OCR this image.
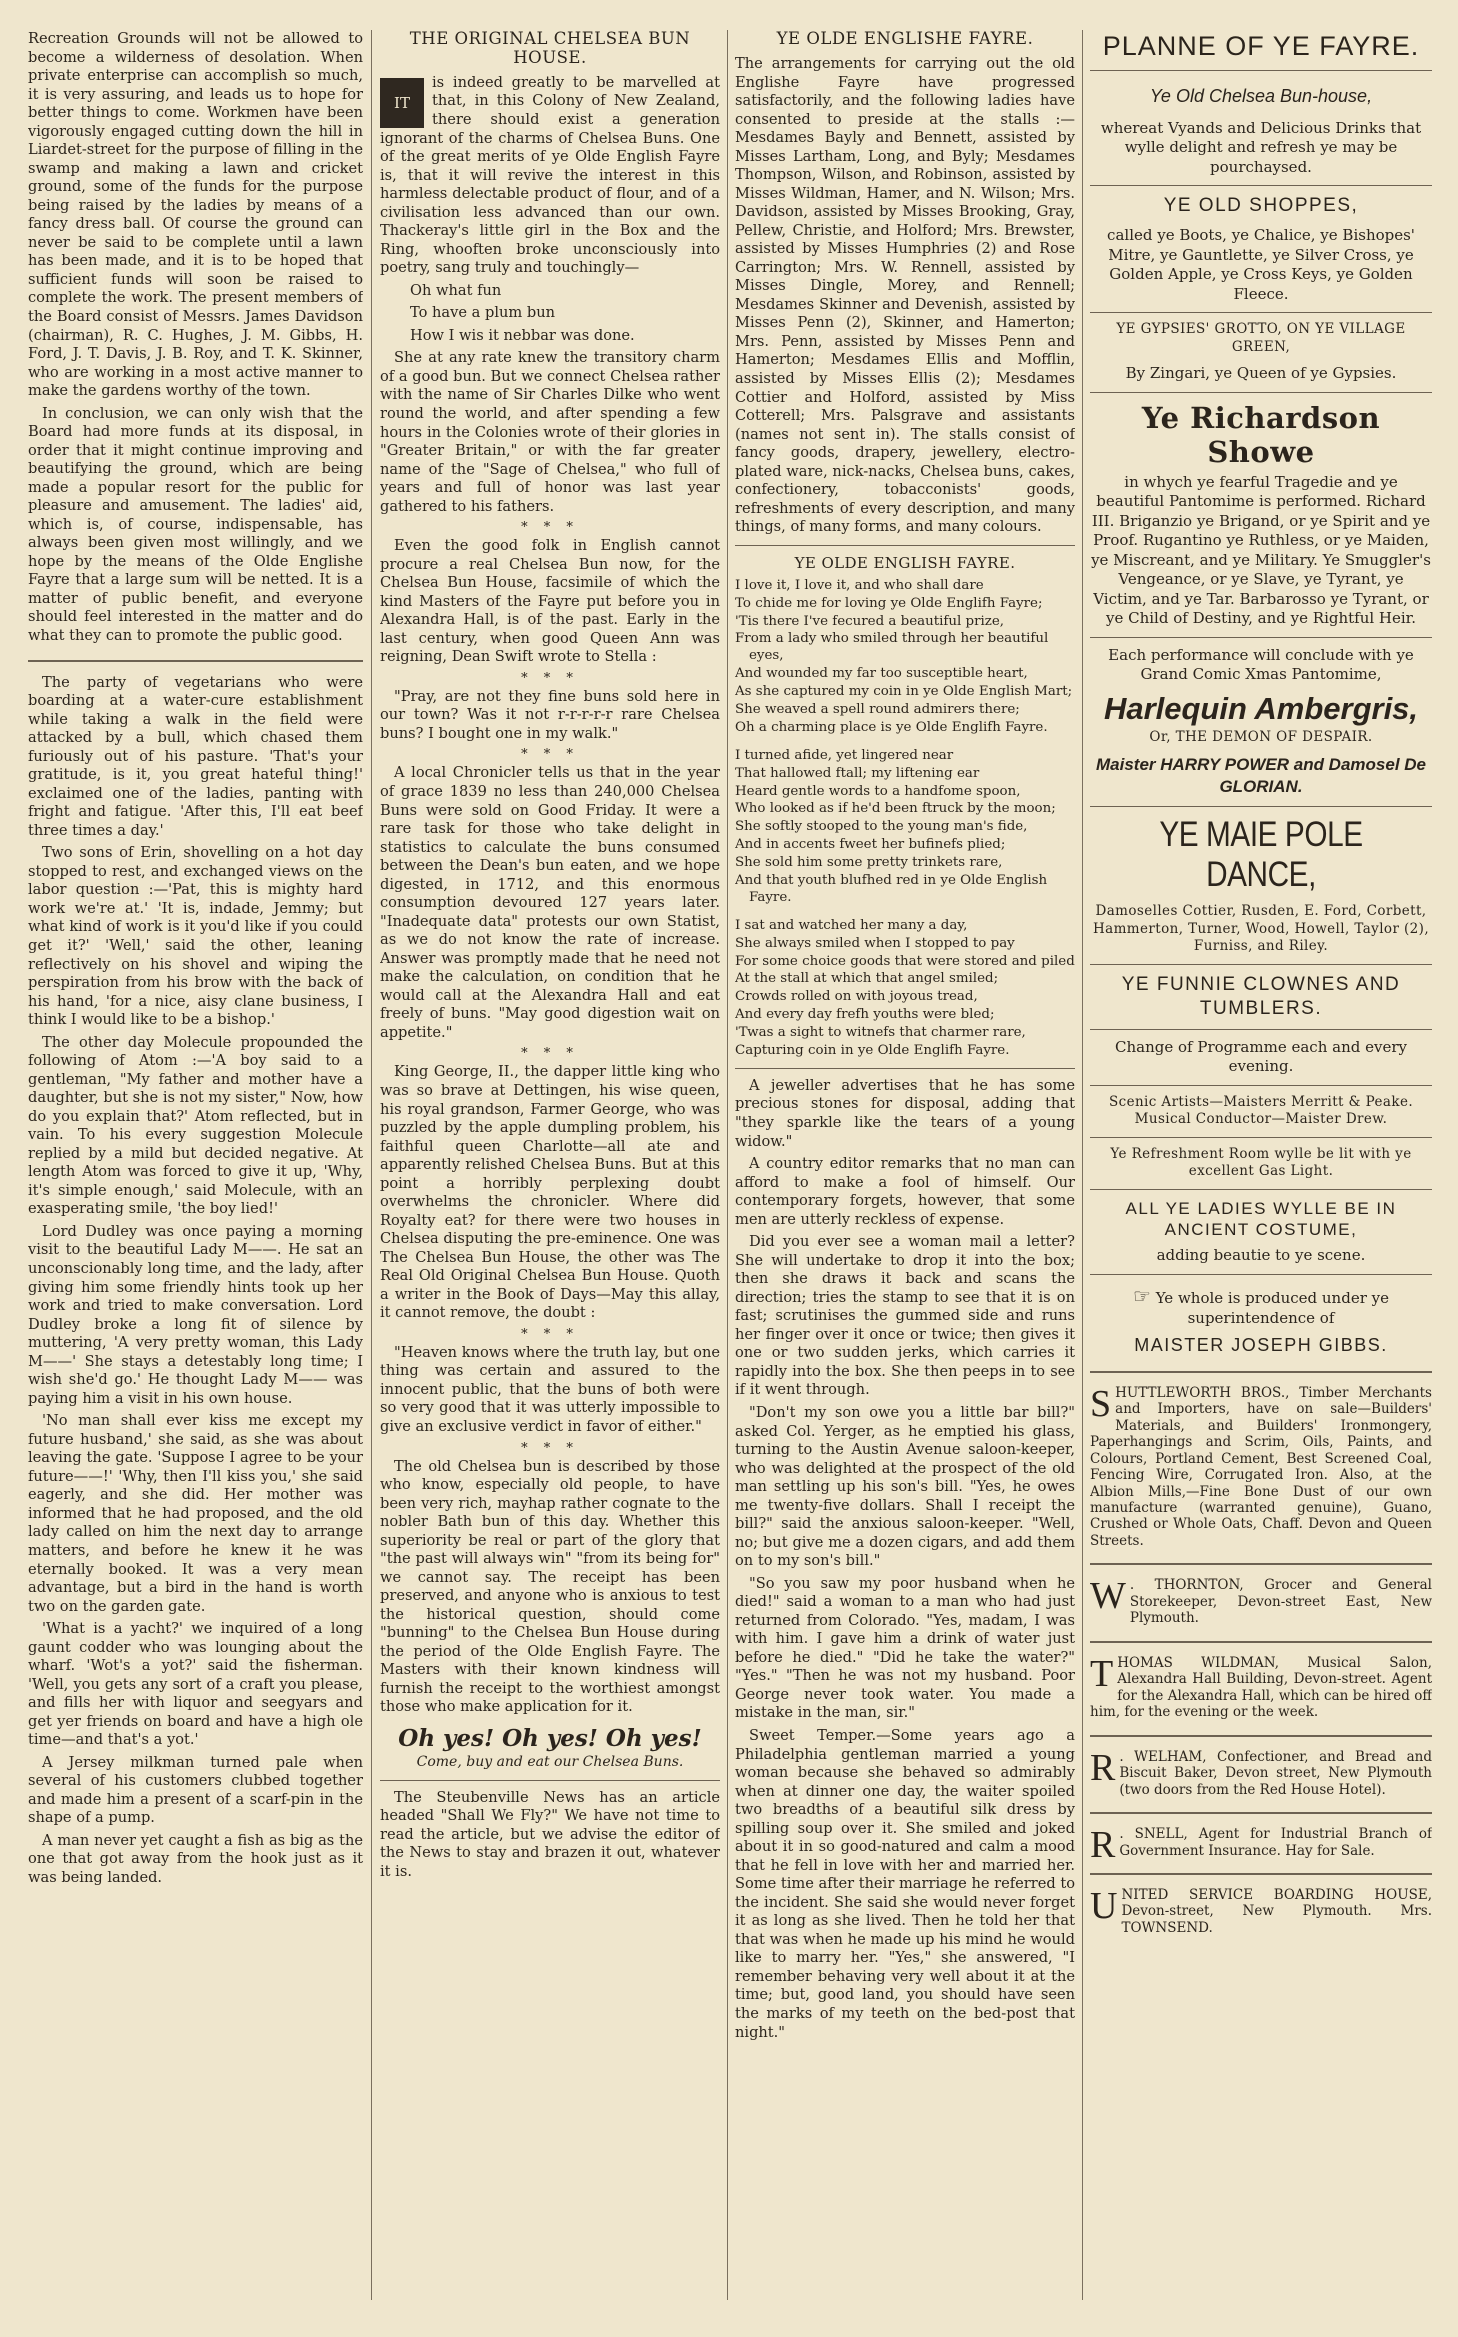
Recreation Grounds will not be allowed to become a wilderness of desolation. When private enterprise can accomplish so much, it is very assuring, and leads us to hope for better things to come. Workmen have been vigorously engaged cutting down the hill in Liardet-street for the purpose of filling in the swamp and making a lawn and cricket ground, some of the funds for the purpose being raised by the ladies by means of a fancy dress ball. Of course the ground can never be said to be complete until a lawn has been made, and it is to be hoped that sufficient funds will soon be raised to complete the work. The present members of the Board consist of Messrs. James Davidson (chairman), R. C. Hughes, J. M. Gibbs, H. Ford, J. T. Davis, J. B. Roy, and T. K. Skinner, who are working in a most active manner to make the gardens worthy of the town.

In conclusion, we can only wish that the Board had more funds at its disposal, in order that it might continue improving and beautifying the ground, which are being made a popular resort for the public for pleasure and amusement. The ladies' aid, which is, of course, indispensable, has always been given most willingly, and we hope by the means of the Olde Englishe Fayre that a large sum will be netted. It is a matter of public benefit, and everyone should feel interested in the matter and do what they can to promote the public good.

The party of vegetarians who were boarding at a water-cure establishment while taking a walk in the field were attacked by a bull, which chased them furiously out of his pasture. 'That's your gratitude, is it, you great hateful thing!' exclaimed one of the ladies, panting with fright and fatigue. 'After this, I'll eat beef three times a day.'

Two sons of Erin, shovelling on a hot day stopped to rest, and exchanged views on the labor question :—'Pat, this is mighty hard work we're at.' 'It is, indade, Jemmy; but what kind of work is it you'd like if you could get it?' 'Well,' said the other, leaning reflectively on his shovel and wiping the perspiration from his brow with the back of his hand, 'for a nice, aisy clane business, I think I would like to be a bishop.'

The other day Molecule propounded the following of Atom :—'A boy said to a gentleman, "My father and mother have a daughter, but she is not my sister," Now, how do you explain that?' Atom reflected, but in vain. To his every suggestion Molecule replied by a mild but decided negative. At length Atom was forced to give it up, 'Why, it's simple enough,' said Molecule, with an exasperating smile, 'the boy lied!'

Lord Dudley was once paying a morning visit to the beautiful Lady M——. He sat an unconscionably long time, and the lady, after giving him some friendly hints took up her work and tried to make conversation. Lord Dudley broke a long fit of silence by muttering, 'A very pretty woman, this Lady M——' She stays a detestably long time; I wish she'd go.' He thought Lady M—— was paying him a visit in his own house.

'No man shall ever kiss me except my future husband,' she said, as she was about leaving the gate. 'Suppose I agree to be your future——!' 'Why, then I'll kiss you,' she said eagerly, and she did. Her mother was informed that he had proposed, and the old lady called on him the next day to arrange matters, and before he knew it he was eternally booked. It was a very mean advantage, but a bird in the hand is worth two on the garden gate.

'What is a yacht?' we inquired of a long gaunt codder who was lounging about the wharf. 'Wot's a yot?' said the fisherman. 'Well, you gets any sort of a craft you please, and fills her with liquor and seegyars and get yer friends on board and have a high ole time—and that's a yot.'

A Jersey milkman turned pale when several of his customers clubbed together and made him a present of a scarf-pin in the shape of a pump.

A man never yet caught a fish as big as the one that got away from the hook just as it was being landed.

THE ORIGINAL CHELSEA BUN HOUSE.
IT

is indeed greatly to be marvelled at that, in this Colony of New Zealand, there should exist a generation ignorant of the charms of Chelsea Buns. One of the great merits of ye Olde English Fayre is, that it will revive the interest in this harmless delectable product of flour, and of a civilisation less advanced than our own. Thackeray's little girl in the Box and the Ring, whooften broke unconsciously into poetry, sang truly and touchingly—

Oh what fun

To have a plum bun

How I wis it nebbar was done.

She at any rate knew the transitory charm of a good bun. But we connect Chelsea rather with the name of Sir Charles Dilke who went round the world, and after spending a few hours in the Colonies wrote of their glories in "Greater Britain," or with the far greater name of the "Sage of Chelsea," who full of years and full of honor was last year gathered to his fathers.

* * *

Even the good folk in English cannot procure a real Chelsea Bun now, for the Chelsea Bun House, facsimile of which the kind Masters of the Fayre put before you in Alexandra Hall, is of the past. Early in the last century, when good Queen Ann was reigning, Dean Swift wrote to Stella :

* * *

"Pray, are not they fine buns sold here in our town? Was it not r-r-r-r-r rare Chelsea buns? I bought one in my walk."

* * *

A local Chronicler tells us that in the year of grace 1839 no less than 240,000 Chelsea Buns were sold on Good Friday. It were a rare task for those who take delight in statistics to calculate the buns consumed between the Dean's bun eaten, and we hope digested, in 1712, and this enormous consumption devoured 127 years later. "Inadequate data" protests our own Statist, as we do not know the rate of increase. Answer was promptly made that he need not make the calculation, on condition that he would call at the Alexandra Hall and eat freely of buns. "May good digestion wait on appetite."

* * *

King George, II., the dapper little king who was so brave at Dettingen, his wise queen, his royal grandson, Farmer George, who was puzzled by the apple dumpling problem, his faithful queen Charlotte—all ate and apparently relished Chelsea Buns. But at this point a horribly perplexing doubt overwhelms the chronicler. Where did Royalty eat? for there were two houses in Chelsea disputing the pre-eminence. One was The Chelsea Bun House, the other was The Real Old Original Chelsea Bun House. Quoth a writer in the Book of Days—May this allay, it cannot remove, the doubt :

* * *

"Heaven knows where the truth lay, but one thing was certain and assured to the innocent public, that the buns of both were so very good that it was utterly impossible to give an exclusive verdict in favor of either."

* * *

The old Chelsea bun is described by those who know, especially old people, to have been very rich, mayhap rather cognate to the nobler Bath bun of this day. Whether this superiority be real or part of the glory that "the past will always win" "from its being for" we cannot say. The receipt has been preserved, and anyone who is anxious to test the historical question, should come "bunning" to the Chelsea Bun House during the period of the Olde English Fayre. The Masters with their known kindness will furnish the receipt to the worthiest amongst those who make application for it.

Oh yes! Oh yes! Oh yes!

Come, buy and eat our Chelsea Buns.

The Steubenville News has an article headed "Shall We Fly?" We have not time to read the article, but we advise the editor of the News to stay and brazen it out, whatever it is.

YE OLDE ENGLISHE FAYRE.

The arrangements for carrying out the old Englishe Fayre have progressed satisfactorily, and the following ladies have consented to preside at the stalls :—Mesdames Bayly and Bennett, assisted by Misses Lartham, Long, and Byly; Mesdames Thompson, Wilson, and Robinson, assisted by Misses Wildman, Hamer, and N. Wilson; Mrs. Davidson, assisted by Misses Brooking, Gray, Pellew, Christie, and Holford; Mrs. Brewster, assisted by Misses Humphries (2) and Rose Carrington; Mrs. W. Rennell, assisted by Misses Dingle, Morey, and Rennell; Mesdames Skinner and Devenish, assisted by Misses Penn (2), Skinner, and Hamerton; Mrs. Penn, assisted by Misses Penn and Hamerton; Mesdames Ellis and Mofflin, assisted by Misses Ellis (2); Mesdames Cottier and Holford, assisted by Miss Cotterell; Mrs. Palsgrave and assistants (names not sent in). The stalls consist of fancy goods, drapery, jewellery, electro-plated ware, nick-nacks, Chelsea buns, cakes, confectionery, tobacconists' goods, refreshments of every description, and many things, of many forms, and many colours.

YE OLDE ENGLISH FAYRE.
I love it, I love it, and who shall dare
To chide me for loving ye Olde Englifh Fayre;
'Tis there I've fecured a beautiful prize,
From a lady who smiled through her beautiful eyes,
And wounded my far too susceptible heart,
As she captured my coin in ye Olde English Mart;
She weaved a spell round admirers there;
Oh a charming place is ye Olde Englifh Fayre.
I turned afide, yet lingered near
That hallowed ftall; my liftening ear
Heard gentle words to a handfome spoon,
Who looked as if he'd been ftruck by the moon;
She softly stooped to the young man's fide,
And in accents fweet her bufinefs plied;
She sold him some pretty trinkets rare,
And that youth blufhed red in ye Olde English Fayre.
I sat and watched her many a day,
She always smiled when I stopped to pay
For some choice goods that were stored and piled
At the stall at which that angel smiled;
Crowds rolled on with joyous tread,
And every day frefh youths were bled;
'Twas a sight to witnefs that charmer rare,
Capturing coin in ye Olde Englifh Fayre.

A jeweller advertises that he has some precious stones for disposal, adding that "they sparkle like the tears of a young widow."

A country editor remarks that no man can afford to make a fool of himself. Our contemporary forgets, however, that some men are utterly reckless of expense.

Did you ever see a woman mail a letter? She will undertake to drop it into the box; then she draws it back and scans the direction; tries the stamp to see that it is on fast; scrutinises the gummed side and runs her finger over it once or twice; then gives it one or two sudden jerks, which carries it rapidly into the box. She then peeps in to see if it went through.

"Don't my son owe you a little bar bill?" asked Col. Yerger, as he emptied his glass, turning to the Austin Avenue saloon-keeper, who was delighted at the prospect of the old man settling up his son's bill. "Yes, he owes me twenty-five dollars. Shall I receipt the bill?" said the anxious saloon-keeper. "Well, no; but give me a dozen cigars, and add them on to my son's bill."

"So you saw my poor husband when he died!" said a woman to a man who had just returned from Colorado. "Yes, madam, I was with him. I gave him a drink of water just before he died." "Did he take the water?" "Yes." "Then he was not my husband. Poor George never took water. You made a mistake in the man, sir."

Sweet Temper.—Some years ago a Philadelphia gentleman married a young woman because she behaved so admirably when at dinner one day, the waiter spoiled two breadths of a beautiful silk dress by spilling soup over it. She smiled and joked about it in so good-natured and calm a mood that he fell in love with her and married her. Some time after their marriage he referred to the incident. She said she would never forget it as long as she lived. Then he told her that that was when he made up his mind he would like to marry her. "Yes," she answered, "I remember behaving very well about it at the time; but, good land, you should have seen the marks of my teeth on the bed-post that night."

PLANNE OF YE FAYRE.
Ye Old Chelsea Bun-house,
whereat Vyands and Delicious Drinks that wylle delight and refresh ye may be pourchaysed.
YE OLD SHOPPES,
called ye Boots, ye Chalice, ye Bishopes' Mitre, ye Gauntlette, ye Silver Cross, ye Golden Apple, ye Cross Keys, ye Golden Fleece.
YE GYPSIES' GROTTO, ON YE VILLAGE GREEN,
By Zingari, ye Queen of ye Gypsies.
Ye Richardson Showe
in whych ye fearful Tragedie and ye beautiful Pantomime is performed. Richard III. Briganzio ye Brigand, or ye Spirit and ye Proof. Rugantino ye Ruthless, or ye Maiden, ye Miscreant, and ye Military. Ye Smuggler's Vengeance, or ye Slave, ye Tyrant, ye Victim, and ye Tar. Barbarosso ye Tyrant, or ye Child of Destiny, and ye Rightful Heir.
Each performance will conclude with ye Grand Comic Xmas Pantomime,
Harlequin Ambergris,
Or, THE DEMON OF DESPAIR.
Maister HARRY POWER and Damosel De GLORIAN.
YE MAIE POLE DANCE,
Damoselles Cottier, Rusden, E. Ford, Corbett, Hammerton, Turner, Wood, Howell, Taylor (2), Furniss, and Riley.
YE FUNNIE CLOWNES AND TUMBLERS.
Change of Programme each and every evening.
Scenic Artists—Maisters Merritt & Peake. Musical Conductor—Maister Drew.
Ye Refreshment Room wylle be lit with ye excellent Gas Light.
ALL YE LADIES WYLLE BE IN ANCIENT COSTUME,
adding beautie to ye scene.
☞ Ye whole is produced under ye superintendence of
MAISTER JOSEPH GIBBS.
SHUTTLEWORTH BROS., Timber Merchants and Importers, have on sale—Builders' Materials, and Builders' Ironmongery, Paperhangings and Scrim, Oils, Paints, and Colours, Portland Cement, Best Screened Coal, Fencing Wire, Corrugated Iron. Also, at the Albion Mills,—Fine Bone Dust of our own manufacture (warranted genuine), Guano, Crushed or Whole Oats, Chaff. Devon and Queen Streets.
W . THORNTON, Grocer and General Storekeeper, Devon-street East, New Plymouth.
THOMAS WILDMAN, Musical Salon, Alexandra Hall Building, Devon-street. Agent for the Alexandra Hall, which can be hired off him, for the evening or the week.
R . WELHAM, Confectioner, and Bread and Biscuit Baker, Devon street, New Plymouth (two doors from the Red House Hotel).
R . SNELL, Agent for Industrial Branch of Government Insurance. Hay for Sale.
UNITED SERVICE BOARDING HOUSE, Devon-street, New Plymouth. Mrs. TOWNSEND.
